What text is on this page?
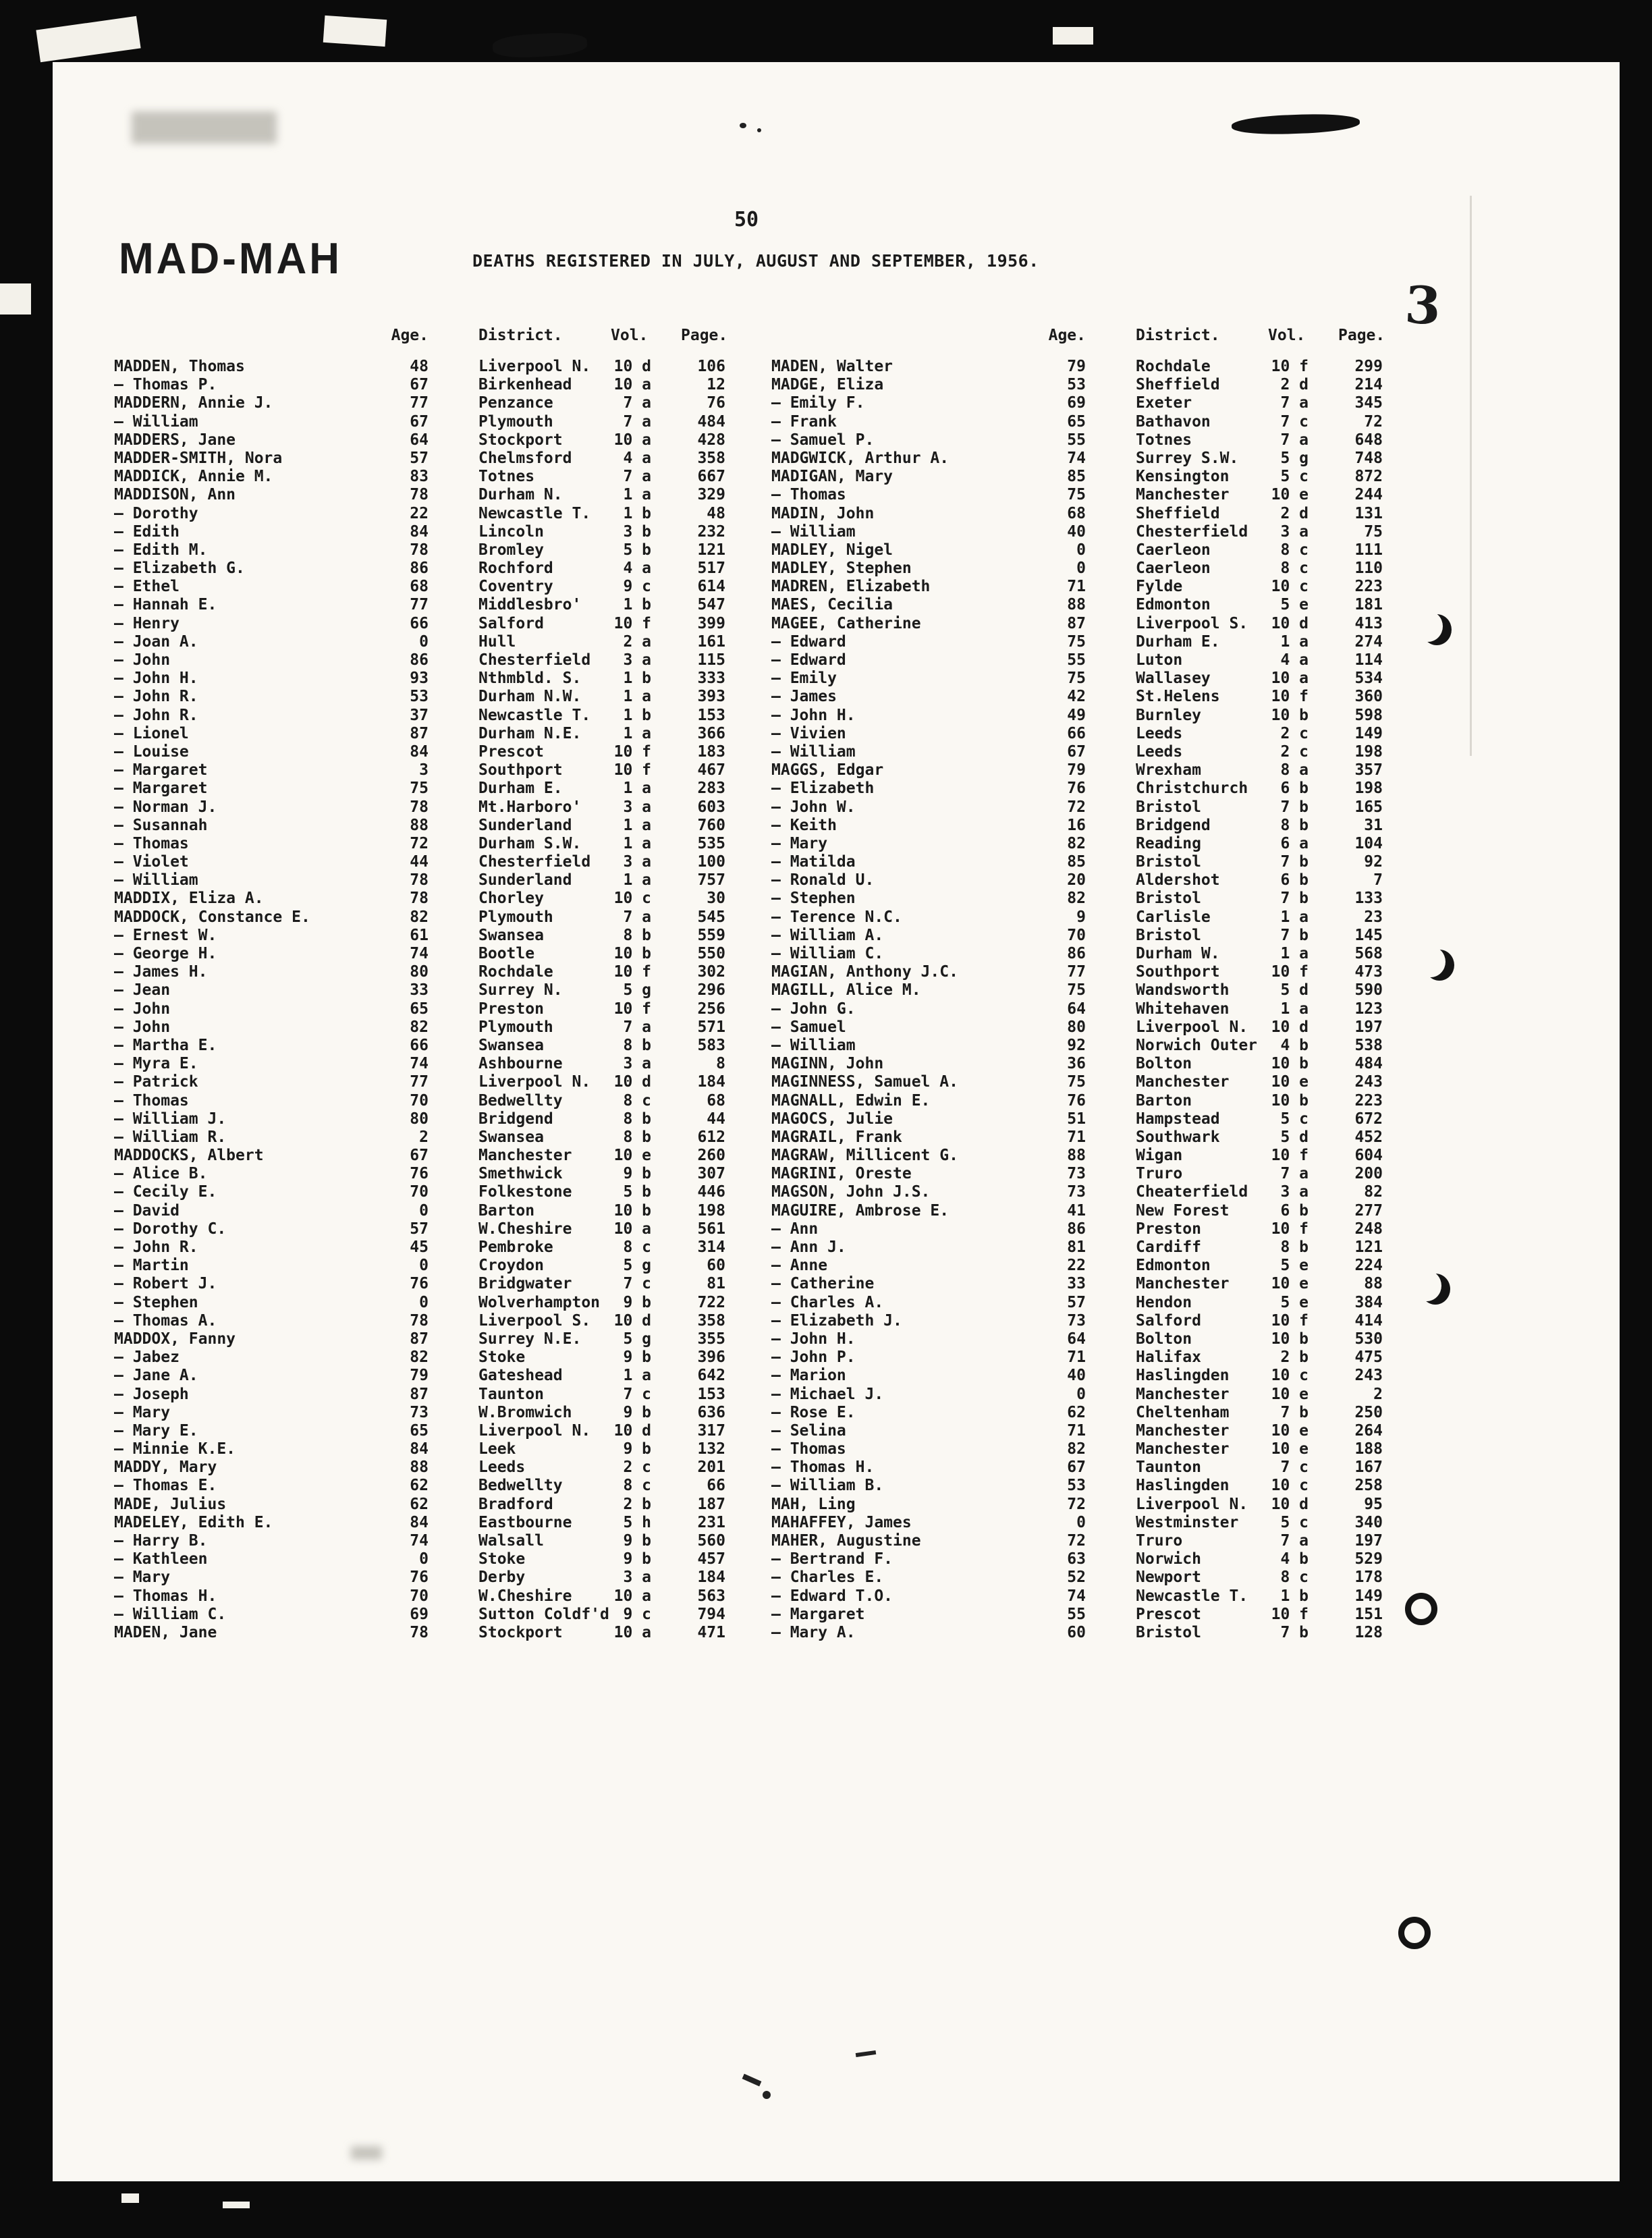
50
MAD-MAH	DEATHS REGISTERED IN JULY, AUGUST AND SEPTEMBER, 1956.
3
Age.	District.	Vol. Page.	Age.	District.	Vol. Page.
MADDEN, Thomas	48	Liverpool N.	10 d	106
— Thomas P.	67	Birkenhead	10 a	12
MADDERN, Annie J.	77	Penzance	7 a	76
— William	67	Plymouth	7 a	484
MADDERS, Jane	64	Stockport	10 a	428
MADDER-SMITH, Nora	57	Chelmsford	4 a	358
MADDICK, Annie M.	83	Totnes	7 a	667
MADDISON, Ann	78	Durham N.	1 a	329
— Dorothy	22	Newcastle T.	1 b	48
— Edith	84	Lincoln	3 b	232
— Edith M.	78	Bromley	5 b	121
— Elizabeth G.	86	Rochford	4 a	517
— Ethel	68	Coventry	9 c	614
— Hannah E.	77	Middlesbro'	1 b	547
— Henry	66	Salford	10 f	399
— Joan A.	0	Hull	2 a	161
— John	86	Chesterfield	3 a	115
— John H.	93	Nthmbld. S.	1 b	333
— John R.	53	Durham N.W.	1 a	393
— John R.	37	Newcastle T.	1 b	153
— Lionel	87	Durham N.E.	1 a	366
— Louise	84	Prescot	10 f	183
— Margaret	3	Southport	10 f	467
— Margaret	75	Durham E.	1 a	283
— Norman J.	78	Mt.Harboro'	3 a	603
— Susannah	88	Sunderland	1 a	760
— Thomas	72	Durham S.W.	1 a	535
— Violet	44	Chesterfield	3 a	100
— William	78	Sunderland	1 a	757
MADDIX, Eliza A.	78	Chorley	10 c	30
MADDOCK, Constance E.	82	Plymouth	7 a	545
— Ernest W.	61	Swansea	8 b	559
— George H.	74	Bootle	10 b	550
— James H.	80	Rochdale	10 f	302
— Jean	33	Surrey N.	5 g	296
— John	65	Preston	10 f	256
— John	82	Plymouth	7 a	571
— Martha E.	66	Swansea	8 b	583
— Myra E.	74	Ashbourne	3 a	8
— Patrick	77	Liverpool N.	10 d	184
— Thomas	70	Bedwellty	8 c	68
— William J.	80	Bridgend	8 b	44
— William R.	2	Swansea	8 b	612
MADDOCKS, Albert	67	Manchester	10 e	260
— Alice B.	76	Smethwick	9 b	307
— Cecily E.	70	Folkestone	5 b	446
— David	0	Barton	10 b	198
— Dorothy C.	57	W.Cheshire	10 a	561
— John R.	45	Pembroke	8 c	314
— Martin	0	Croydon	5 g	60
— Robert J.	76	Bridgwater	7 c	81
— Stephen	0	Wolverhampton	9 b	722
— Thomas A.	78	Liverpool S.	10 d	358
MADDOX, Fanny	87	Surrey N.E.	5 g	355
— Jabez	82	Stoke	9 b	396
— Jane A.	79	Gateshead	1 a	642
— Joseph	87	Taunton	7 c	153
— Mary	73	W.Bromwich	9 b	636
— Mary E.	65	Liverpool N.	10 d	317
— Minnie K.E.	84	Leek	9 b	132
MADDY, Mary	88	Leeds	2 c	201
— Thomas E.	62	Bedwellty	8 c	66
MADE, Julius	62	Bradford	2 b	187
MADELEY, Edith E.	84	Eastbourne	5 h	231
— Harry B.	74	Walsall	9 b	560
— Kathleen	0	Stoke	9 b	457
— Mary	76	Derby	3 a	184
— Thomas H.	70	W.Cheshire	10 a	563
— William C.	69	Sutton Coldf'd 9 c	794
MADEN, Jane	78	Stockport	10 a	471
MADEN, Walter	79	Rochdale	10 f	299
MADGE, Eliza	53	Sheffield	2 d	214
— Emily F.	69	Exeter	7 a	345
— Frank	65	Bathavon	7 c	72
— Samuel P.	55	Totnes	7 a	648
MADGWICK, Arthur A.	74	Surrey S.W.	5 g	748
MADIGAN, Mary	85	Kensington	5 c	872
— Thomas	75	Manchester	10 e	244
MADIN, John	68	Sheffield	2 d	131
— William	40	Chesterfield	3 a	75
MADLEY, Nigel	0	Caerleon	8 c	111
MADLEY, Stephen	0	Caerleon	8 c	110
MADREN, Elizabeth	71	Fylde	10 c	223
MAES, Cecilia	88	Edmonton	5 e	181
MAGEE, Catherine	87	Liverpool S.	10 d	413
— Edward	75	Durham E.	1 a	274
— Edward	55	Luton	4 a	114
— Emily	75	Wallasey	10 a	534
— James	42	St.Helens	10 f	360
— John H.	49	Burnley	10 b	598
— Vivien	66	Leeds	2 c	149
— William	67	Leeds	2 c	198
MAGGS, Edgar	79	Wrexham	8 a	357
— Elizabeth	76	Christchurch	6 b	198
— John W.	72	Bristol	7 b	165
— Keith	16	Bridgend	8 b	31
— Mary	82	Reading	6 a	104
— Matilda	85	Bristol	7 b	92
— Ronald U.	20	Aldershot	6 b	7
— Stephen	82	Bristol	7 b	133
— Terence N.C.	9	Carlisle	1 a	23
— William A.	70	Bristol	7 b	145
— William C.	86	Durham W.	1 a	568
MAGIAN, Anthony J.C.	77	Southport	10 f	473
MAGILL, Alice M.	75	Wandsworth	5 d	590
— John G.	64	Whitehaven	1 a	123
— Samuel	80	Liverpool N.	10 d	197
— William	92	Norwich Outer	4 b	538
MAGINN, John	36	Bolton	10 b	484
MAGINNESS, Samuel A.	75	Manchester	10 e	243
MAGNALL, Edwin E.	76	Barton	10 b	223
MAGOCS, Julie	51	Hampstead	5 c	672
MAGRAIL, Frank	71	Southwark	5 d	452
MAGRAW, Millicent G.	88	Wigan	10 f	604
MAGRINI, Oreste	73	Truro	7 a	200
MAGSON, John J.S.	73	Cheaterfield	3 a	82
MAGUIRE, Ambrose E.	41	New Forest	6 b	277
— Ann	86	Preston	10 f	248
— Ann J.	81	Cardiff	8 b	121
— Anne	22	Edmonton	5 e	224
— Catherine	33	Manchester	10 e	88
— Charles A.	57	Hendon	5 e	384
— Elizabeth J.	73	Salford	10 f	414
— John H.	64	Bolton	10 b	530
— John P.	71	Halifax	2 b	475
— Marion	40	Haslingden	10 c	243
— Michael J.	0	Manchester	10 e	2
— Rose E.	62	Cheltenham	7 b	250
— Selina	71	Manchester	10 e	264
— Thomas	82	Manchester	10 e	188
— Thomas H.	67	Taunton	7 c	167
— William B.	53	Haslingden	10 c	258
MAH, Ling	72	Liverpool N.	10 d	95
MAHAFFEY, James	0	Westminster	5 c	340
MAHER, Augustine	72	Truro	7 a	197
— Bertrand F.	63	Norwich	4 b	529
— Charles E.	52	Newport	8 c	178
— Edward T.O.	74	Newcastle T.	1 b	149
— Margaret	55	Prescot	10 f	151
— Mary A.	60	Bristol	7 b	128
